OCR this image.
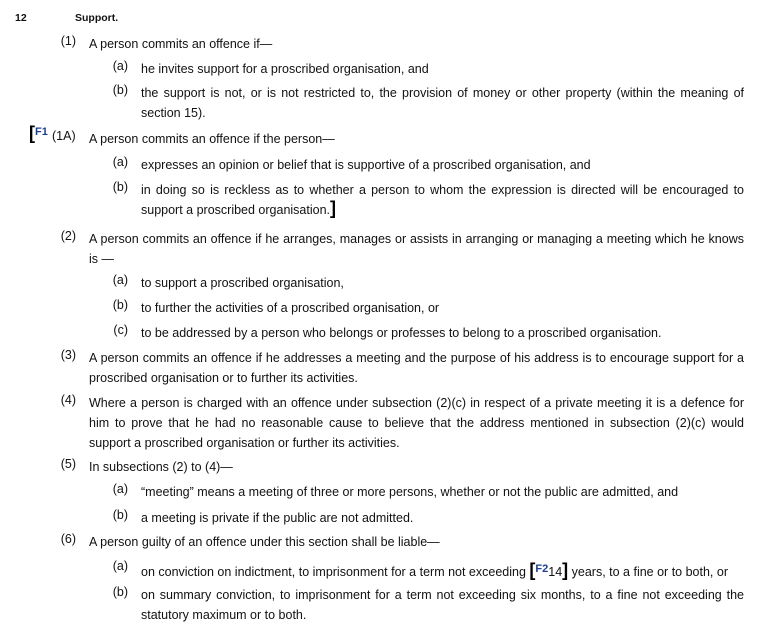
12	Support.
(1) A person commits an offence if—
(a) he invites support for a proscribed organisation, and
(b) the support is not, or is not restricted to, the provision of money or other property (within the meaning of section 15).
[F1 (1A) A person commits an offence if the person—
(a) expresses an opinion or belief that is supportive of a proscribed organisation, and
(b) in doing so is reckless as to whether a person to whom the expression is directed will be encouraged to support a proscribed organisation.]
(2) A person commits an offence if he arranges, manages or assists in arranging or managing a meeting which he knows is —
(a) to support a proscribed organisation,
(b) to further the activities of a proscribed organisation, or
(c) to be addressed by a person who belongs or professes to belong to a proscribed organisation.
(3) A person commits an offence if he addresses a meeting and the purpose of his address is to encourage support for a proscribed organisation or to further its activities.
(4) Where a person is charged with an offence under subsection (2)(c) in respect of a private meeting it is a defence for him to prove that he had no reasonable cause to believe that the address mentioned in subsection (2)(c) would support a proscribed organisation or further its activities.
(5) In subsections (2) to (4)—
(a) “meeting” means a meeting of three or more persons, whether or not the public are admitted, and
(b) a meeting is private if the public are not admitted.
(6) A person guilty of an offence under this section shall be liable—
(a) on conviction on indictment, to imprisonment for a term not exceeding [F214] years, to a fine or to both, or
(b) on summary conviction, to imprisonment for a term not exceeding six months, to a fine not exceeding the statutory maximum or to both.
